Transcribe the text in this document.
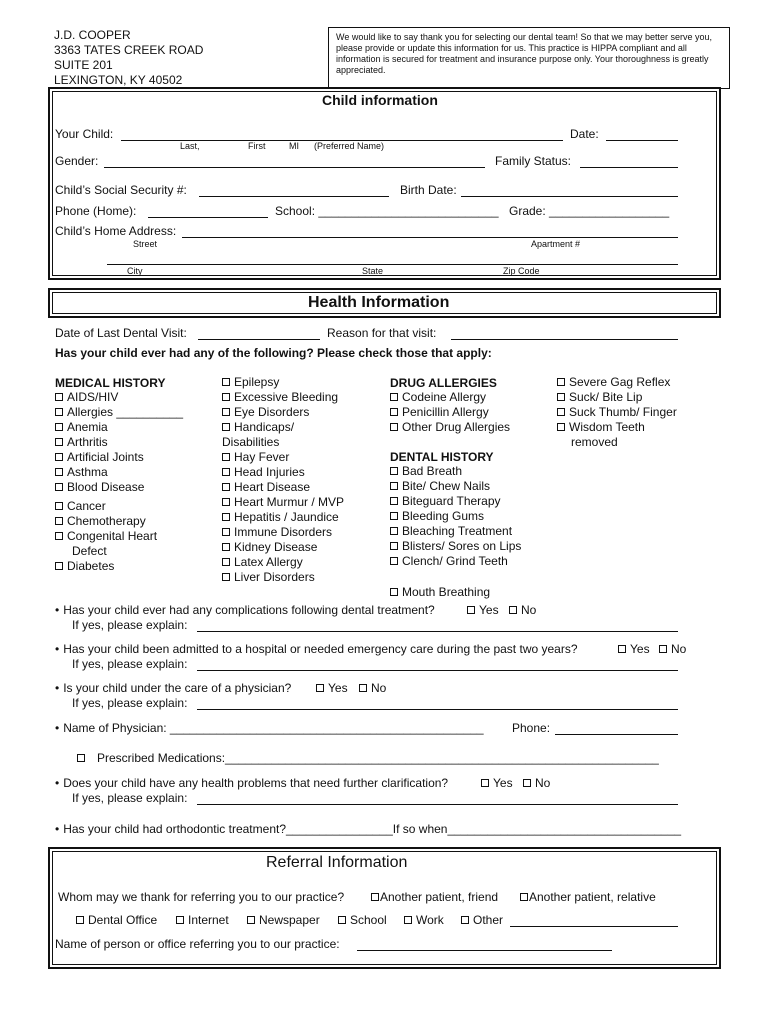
J.D. COOPER
3363 TATES CREEK ROAD
SUITE 201
LEXINGTON, KY 40502
We would like to say thank you for selecting our dental team! So that we may better serve you, please provide or update this information for us. This practice is HIPPA compliant and all information is secured for treatment and insurance purpose only. Your thoroughness is greatly appreciated.
Child information
Your Child:	Date:
Last,	First	MI (Preferred Name)
Gender:	Family Status:
Child’s Social Security #:	Birth Date:
Phone (Home):	School: ___________________________ Grade: __________________
Child’s Home Address:
Street	Apartment #
City	State	Zip Code
Health Information
Date of Last Dental Visit:	Reason for that visit:
Has your child ever had any of the following? Please check those that apply:
MEDICAL HISTORY
AIDS/HIV
Allergies __________
Anemia
Arthritis
Artificial Joints
Asthma
Blood Disease
Cancer
Chemotherapy
Congenital Heart
Defect
Diabetes
Epilepsy
Excessive Bleeding
Eye Disorders
Handicaps/
Disabilities
Hay Fever
Head Injuries
Heart Disease
Heart Murmur / MVP
Hepatitis / Jaundice
Immune Disorders
Kidney Disease
Latex Allergy
Liver Disorders
DRUG ALLERGIES
Codeine Allergy
Penicillin Allergy
Other Drug Allergies
DENTAL HISTORY
Bad Breath
Bite/ Chew Nails
Biteguard Therapy
Bleeding Gums
Bleaching Treatment
Blisters/ Sores on Lips
Clench/ Grind Teeth
Mouth Breathing
Severe Gag Reflex
Suck/ Bite Lip
Suck Thumb/ Finger
Wisdom Teeth
removed
• Has your child ever had any complications following dental treatment?	Yes	No
If yes, please explain:
• Has your child been admitted to a hospital or needed emergency care during the past two years?	Yes	No
If yes, please explain:
• Is your child under the care of a physician?	Yes	No
If yes, please explain:
• Name of Physician: _______________________________________________ Phone:
Prescribed Medications:_________________________________________________________________
• Does your child have any health problems that need further clarification?	Yes	No
If yes, please explain:
• Has your child had orthodontic treatment?________________If so when___________________________________
Referral Information
Whom may we thank for referring you to our practice?	Another patient, friend	Another patient, relative
Dental Office	Internet	Newspaper	School	Work	Other
Name of person or office referring you to our practice:
